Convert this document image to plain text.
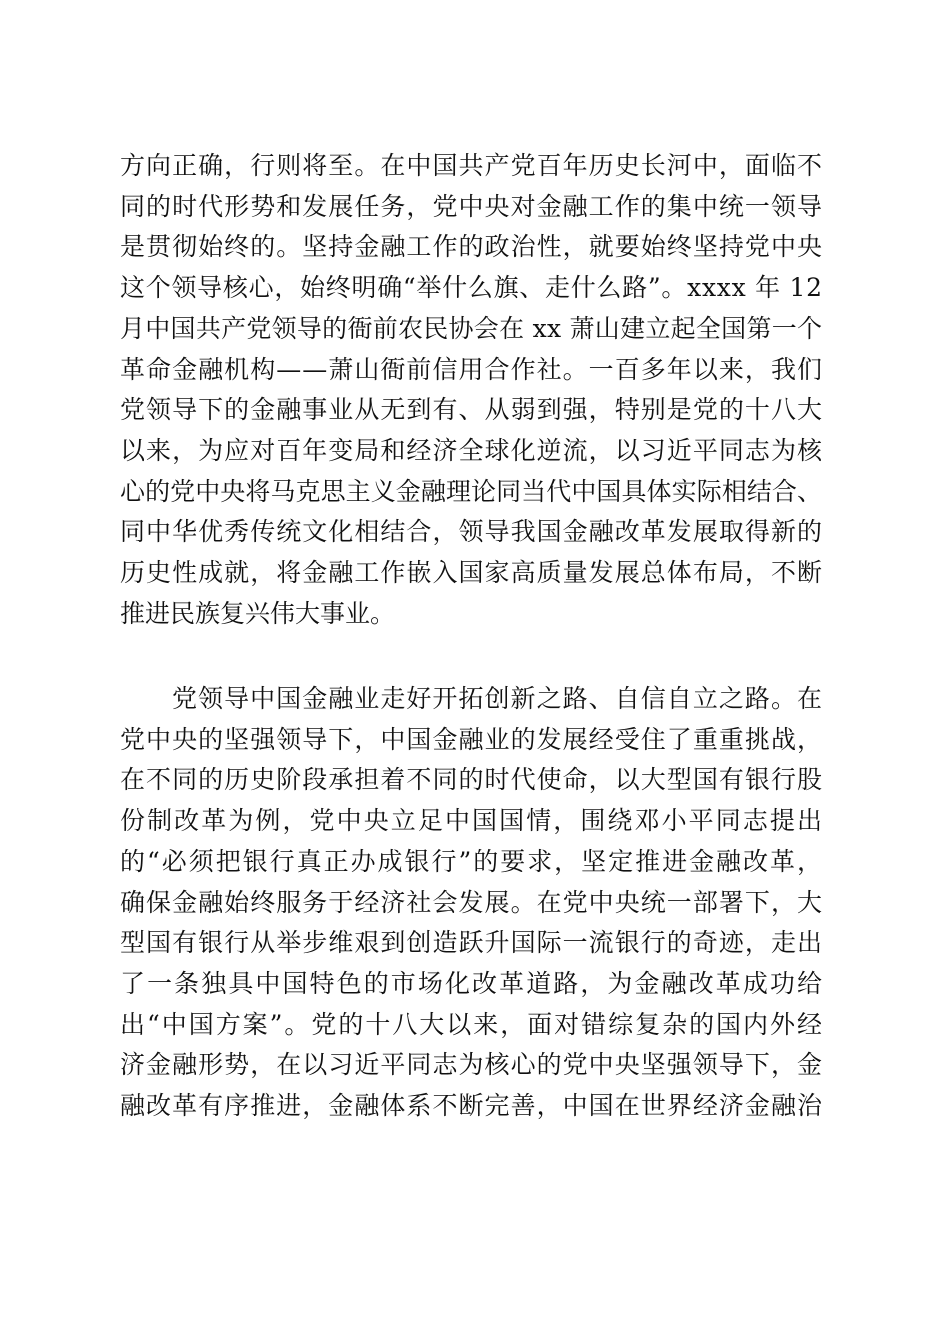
方向正确，行则将至。在中国共产党百年历史长河中，面临不
同的时代形势和发展任务，党中央对金融工作的集中统一领导
是贯彻始终的。坚持金融工作的政治性，就要始终坚持党中央
这个领导核心，始终明确“举什么旗、走什么路”。xxxx 年 12
月中国共产党领导的衙前农民协会在 xx 萧山建立起全国第一个
革命金融机构——萧山衙前信用合作社。一百多年以来，我们
党领导下的金融事业从无到有、从弱到强，特别是党的十八大
以来，为应对百年变局和经济全球化逆流，以习近平同志为核
心的党中央将马克思主义金融理论同当代中国具体实际相结合、
同中华优秀传统文化相结合，领导我国金融改革发展取得新的
历史性成就，将金融工作嵌入国家高质量发展总体布局，不断
推进民族复兴伟大事业。
党领导中国金融业走好开拓创新之路、自信自立之路。在
党中央的坚强领导下，中国金融业的发展经受住了重重挑战，
在不同的历史阶段承担着不同的时代使命，以大型国有银行股
份制改革为例，党中央立足中国国情，围绕邓小平同志提出
的“必须把银行真正办成银行”的要求，坚定推进金融改革，
确保金融始终服务于经济社会发展。在党中央统一部署下，大
型国有银行从举步维艰到创造跃升国际一流银行的奇迹，走出
了一条独具中国特色的市场化改革道路，为金融改革成功给
出“中国方案”。党的十八大以来，面对错综复杂的国内外经
济金融形势，在以习近平同志为核心的党中央坚强领导下，金
融改革有序推进，金融体系不断完善，中国在世界经济金融治
